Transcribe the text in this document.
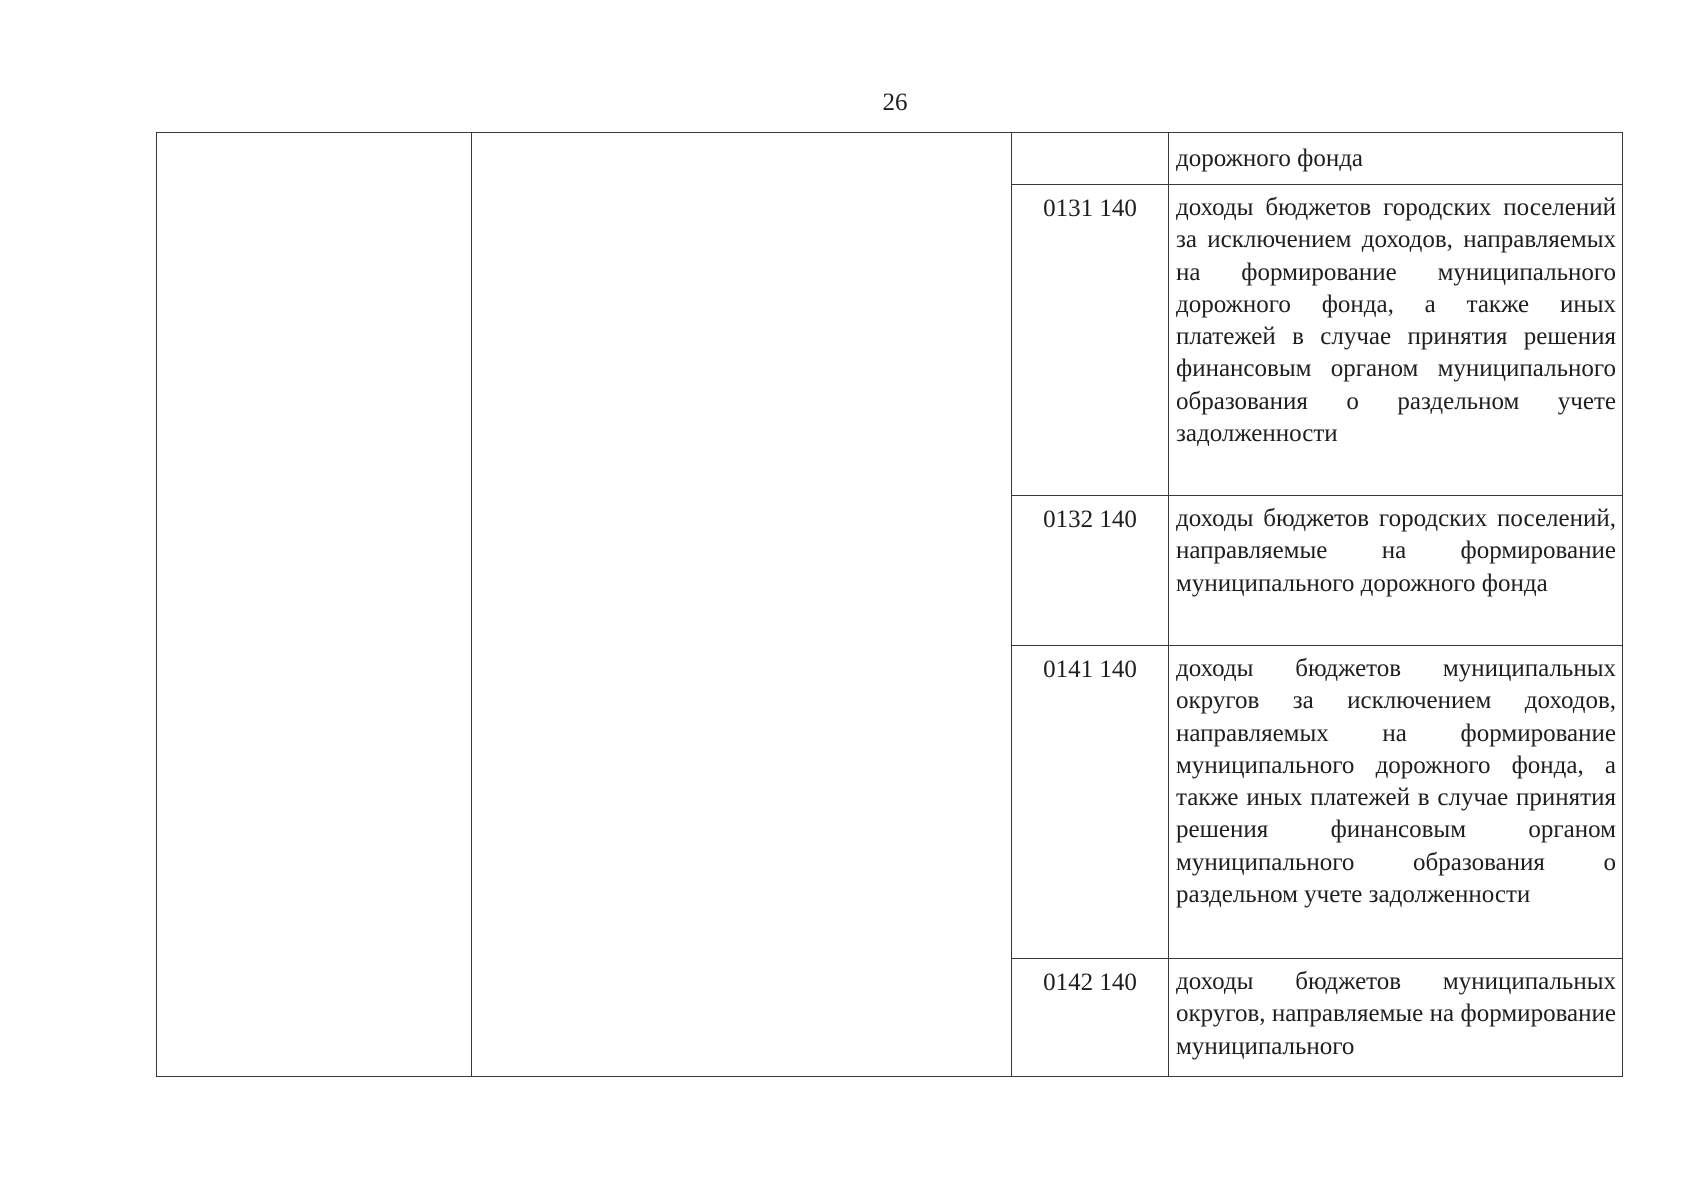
26
			дорожного фонда
		0131 140	доходы бюджетов городских поселений за исключением доходов, направляемых на формирование муниципального дорожного фонда, а также иных платежей в случае принятия решения финансовым органом муниципального образования о раздельном учете задолженности
		0132 140	доходы бюджетов городских поселений, направляемые на формирование муниципального дорожного фонда
		0141 140	доходы бюджетов муниципальных округов за исключением доходов, направляемых на формирование муниципального дорожного фонда, а также иных платежей в случае принятия решения финансовым органом муниципального образования о раздельном учете задолженности
		0142 140	доходы бюджетов муниципальных округов, направляемые на формирование муниципального
